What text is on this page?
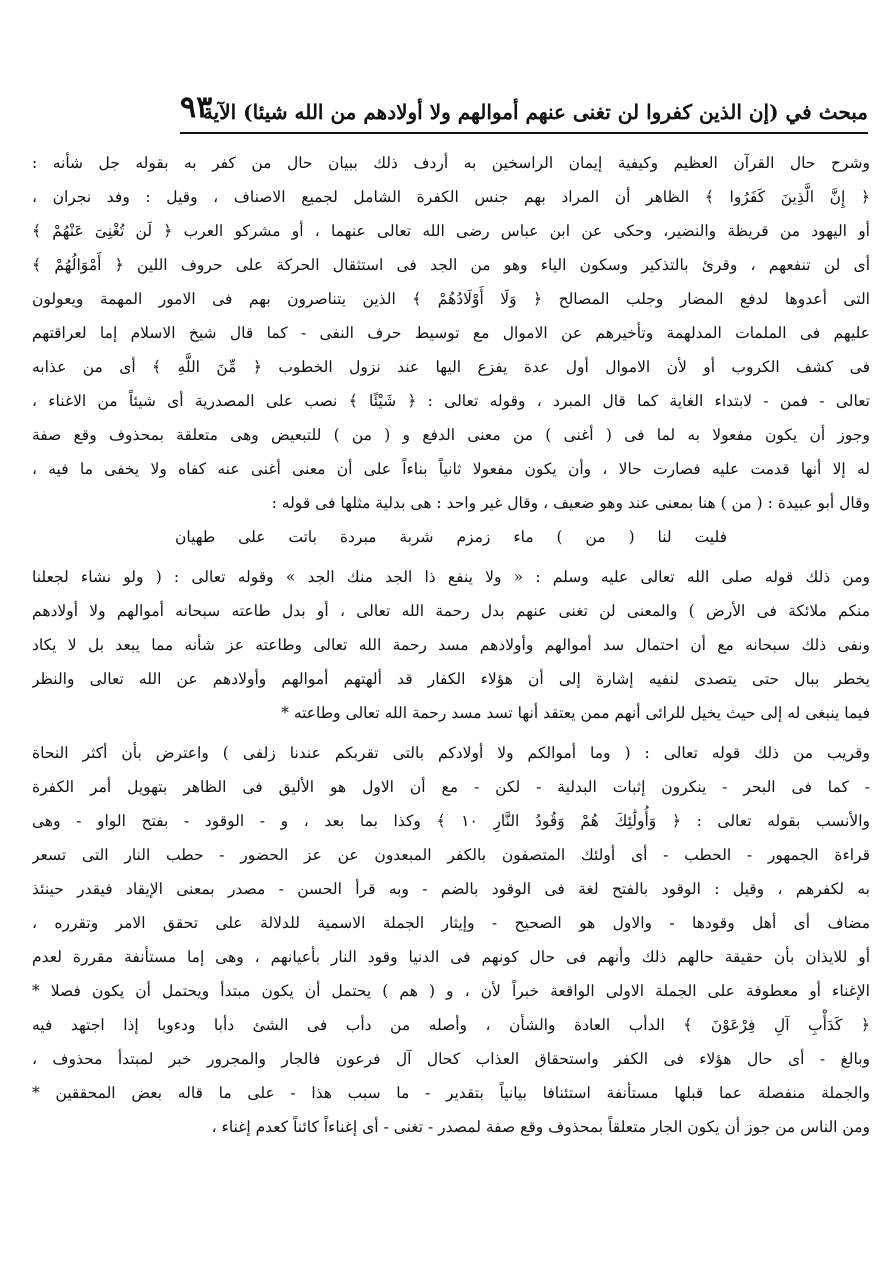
مبحث في (إن الذين كفروا لن تغنى عنهم أموالهم ولا أولادهم من الله شيئا) الآية
٩٣
وشرح حال القرآن العظيم وكيفية إيمان الراسخين به أردف ذلك ببيان حال من كفر به بقوله جل شأنه :
﴿ إِنَّ الَّذِينَ كَفَرُوا ﴾ الظاهر أن المراد بهم جنس الكفرة الشامل لجميع الاصناف ، وقيل : وفد نجران ،
أو اليهود من قريظة والنضير، وحكى عن ابن عباس رضى الله تعالى عنهما ، أو مشركو العرب ﴿ لَن تُغْنِىَ عَنْهُمْ ﴾
أى لن تنفعهم ، وقرئ بالتذكير وسكون الياء وهو من الجد فى استثقال الحركة على حروف اللين ﴿ أَمْوَالُهُمْ ﴾
التى أعدوها لدفع المضار وجلب المصالح ﴿ وَلَا أَوْلَادُهُمْ ﴾ الذين يتناصرون بهم فى الامور المهمة ويعولون
عليهم فى الملمات المدلهمة وتأخيرهم عن الاموال مع توسيط حرف النفى - كما قال شيخ الاسلام إما لعراقتهم
فى كشف الكروب أو لأن الاموال أول عدة يفزع اليها عند نزول الخطوب ﴿ مِّنَ اللَّهِ ﴾ أى من عذابه
تعالى - فمن - لابتداء الغاية كما قال المبرد ، وقوله تعالى : ﴿ شَيْئًا ﴾ نصب على المصدرية أى شيئاً من الاغناء ،
وجوز أن يكون مفعولا به لما فى ( أغنى ) من معنى الدفع و ( من ) للتبعيض وهى متعلقة بمحذوف وقع صفة
له إلا أنها قدمت عليه فصارت حالا ، وأن يكون مفعولا ثانياً بناءاً على أن معنى أغنى عنه كفاه ولا يخفى ما فيه ،
وقال أبو عبيدة : ( من ) هنا بمعنى عند وهو ضعيف ، وقال غير واحد : هى بدلية مثلها فى قوله :
فليت لنا ( من ) ماء زمزم شربة مبردة باتت على طهيان
ومن ذلك قوله صلى الله تعالى عليه وسلم : « ولا ينفع ذا الجد منك الجد » وقوله تعالى : ( ولو نشاء لجعلنا
منكم ملائكة فى الأرض ) والمعنى لن تغنى عنهم بدل رحمة الله تعالى ، أو بدل طاعته سبحانه أموالهم ولا أولادهم
ونفى ذلك سبحانه مع أن احتمال سد أموالهم وأولادهم مسد رحمة الله تعالى وطاعته عز شأنه مما يبعد بل لا يكاد
يخطر ببال حتى يتصدى لنفيه إشارة إلى أن هؤلاء الكفار قد ألهتهم أموالهم وأولادهم عن الله تعالى والنظر
فيما ينبغى له إلى حيث يخيل للرائى أنهم ممن يعتقد أنها تسد مسد رحمة الله تعالى وطاعته *
وقريب من ذلك قوله تعالى : ( وما أموالكم ولا أولادكم بالتى تقربكم عندنا زلفى ) واعترض بأن أكثر النحاة
- كما فى البحر - ينكرون إثبات البدلية - لكن - مع أن الاول هو الأليق فى الظاهر بتهويل أمر الكفرة
والأنسب بقوله تعالى : ﴿ وَأُولَٰئِكَ هُمْ وَقُودُ النَّارِ ١٠ ﴾ وكذا بما بعد ، و - الوقود - بفتح الواو - وهى
قراءة الجمهور - الحطب - أى أولئك المتصفون بالكفر المبعدون عن عز الحضور - حطب النار التى تسعر
به لكفرهم ، وقيل : الوقود بالفتح لغة فى الوقود بالضم - وبه قرأ الحسن - مصدر بمعنى الإيقاد فيقدر حينئذ
مضاف أى أهل وقودها - والاول هو الصحيح - وإيثار الجملة الاسمية للدلالة على تحقق الامر وتقرره ،
أو للايذان بأن حقيقة حالهم ذلك وأنهم فى حال كونهم فى الدنيا وقود النار بأعيانهم ، وهى إما مستأنفة مقررة لعدم
الإغناء أو معطوفة على الجملة الاولى الواقعة خبراً لأن ، و ( هم ) يحتمل أن يكون مبتدأ ويحتمل أن يكون فصلا *
﴿ كَدَأْبِ آلِ فِرْعَوْنَ ﴾ الدأب العادة والشأن ، وأصله من دأب فى الشئ دأبا ودءوبا إذا اجتهد فيه
وبالغ - أى حال هؤلاء فى الكفر واستحقاق العذاب كحال آل فرعون فالجار والمجرور خبر لمبتدأ محذوف ،
والجملة منفصلة عما قبلها مستأنفة استئنافا بيانياً بتقدير - ما سبب هذا - على ما قاله بعض المحققين *
ومن الناس من جوز أن يكون الجار متعلقاً بمحذوف وقع صفة لمصدر - تغنى - أى إغناءاً كائناً كعدم إغناء ،
